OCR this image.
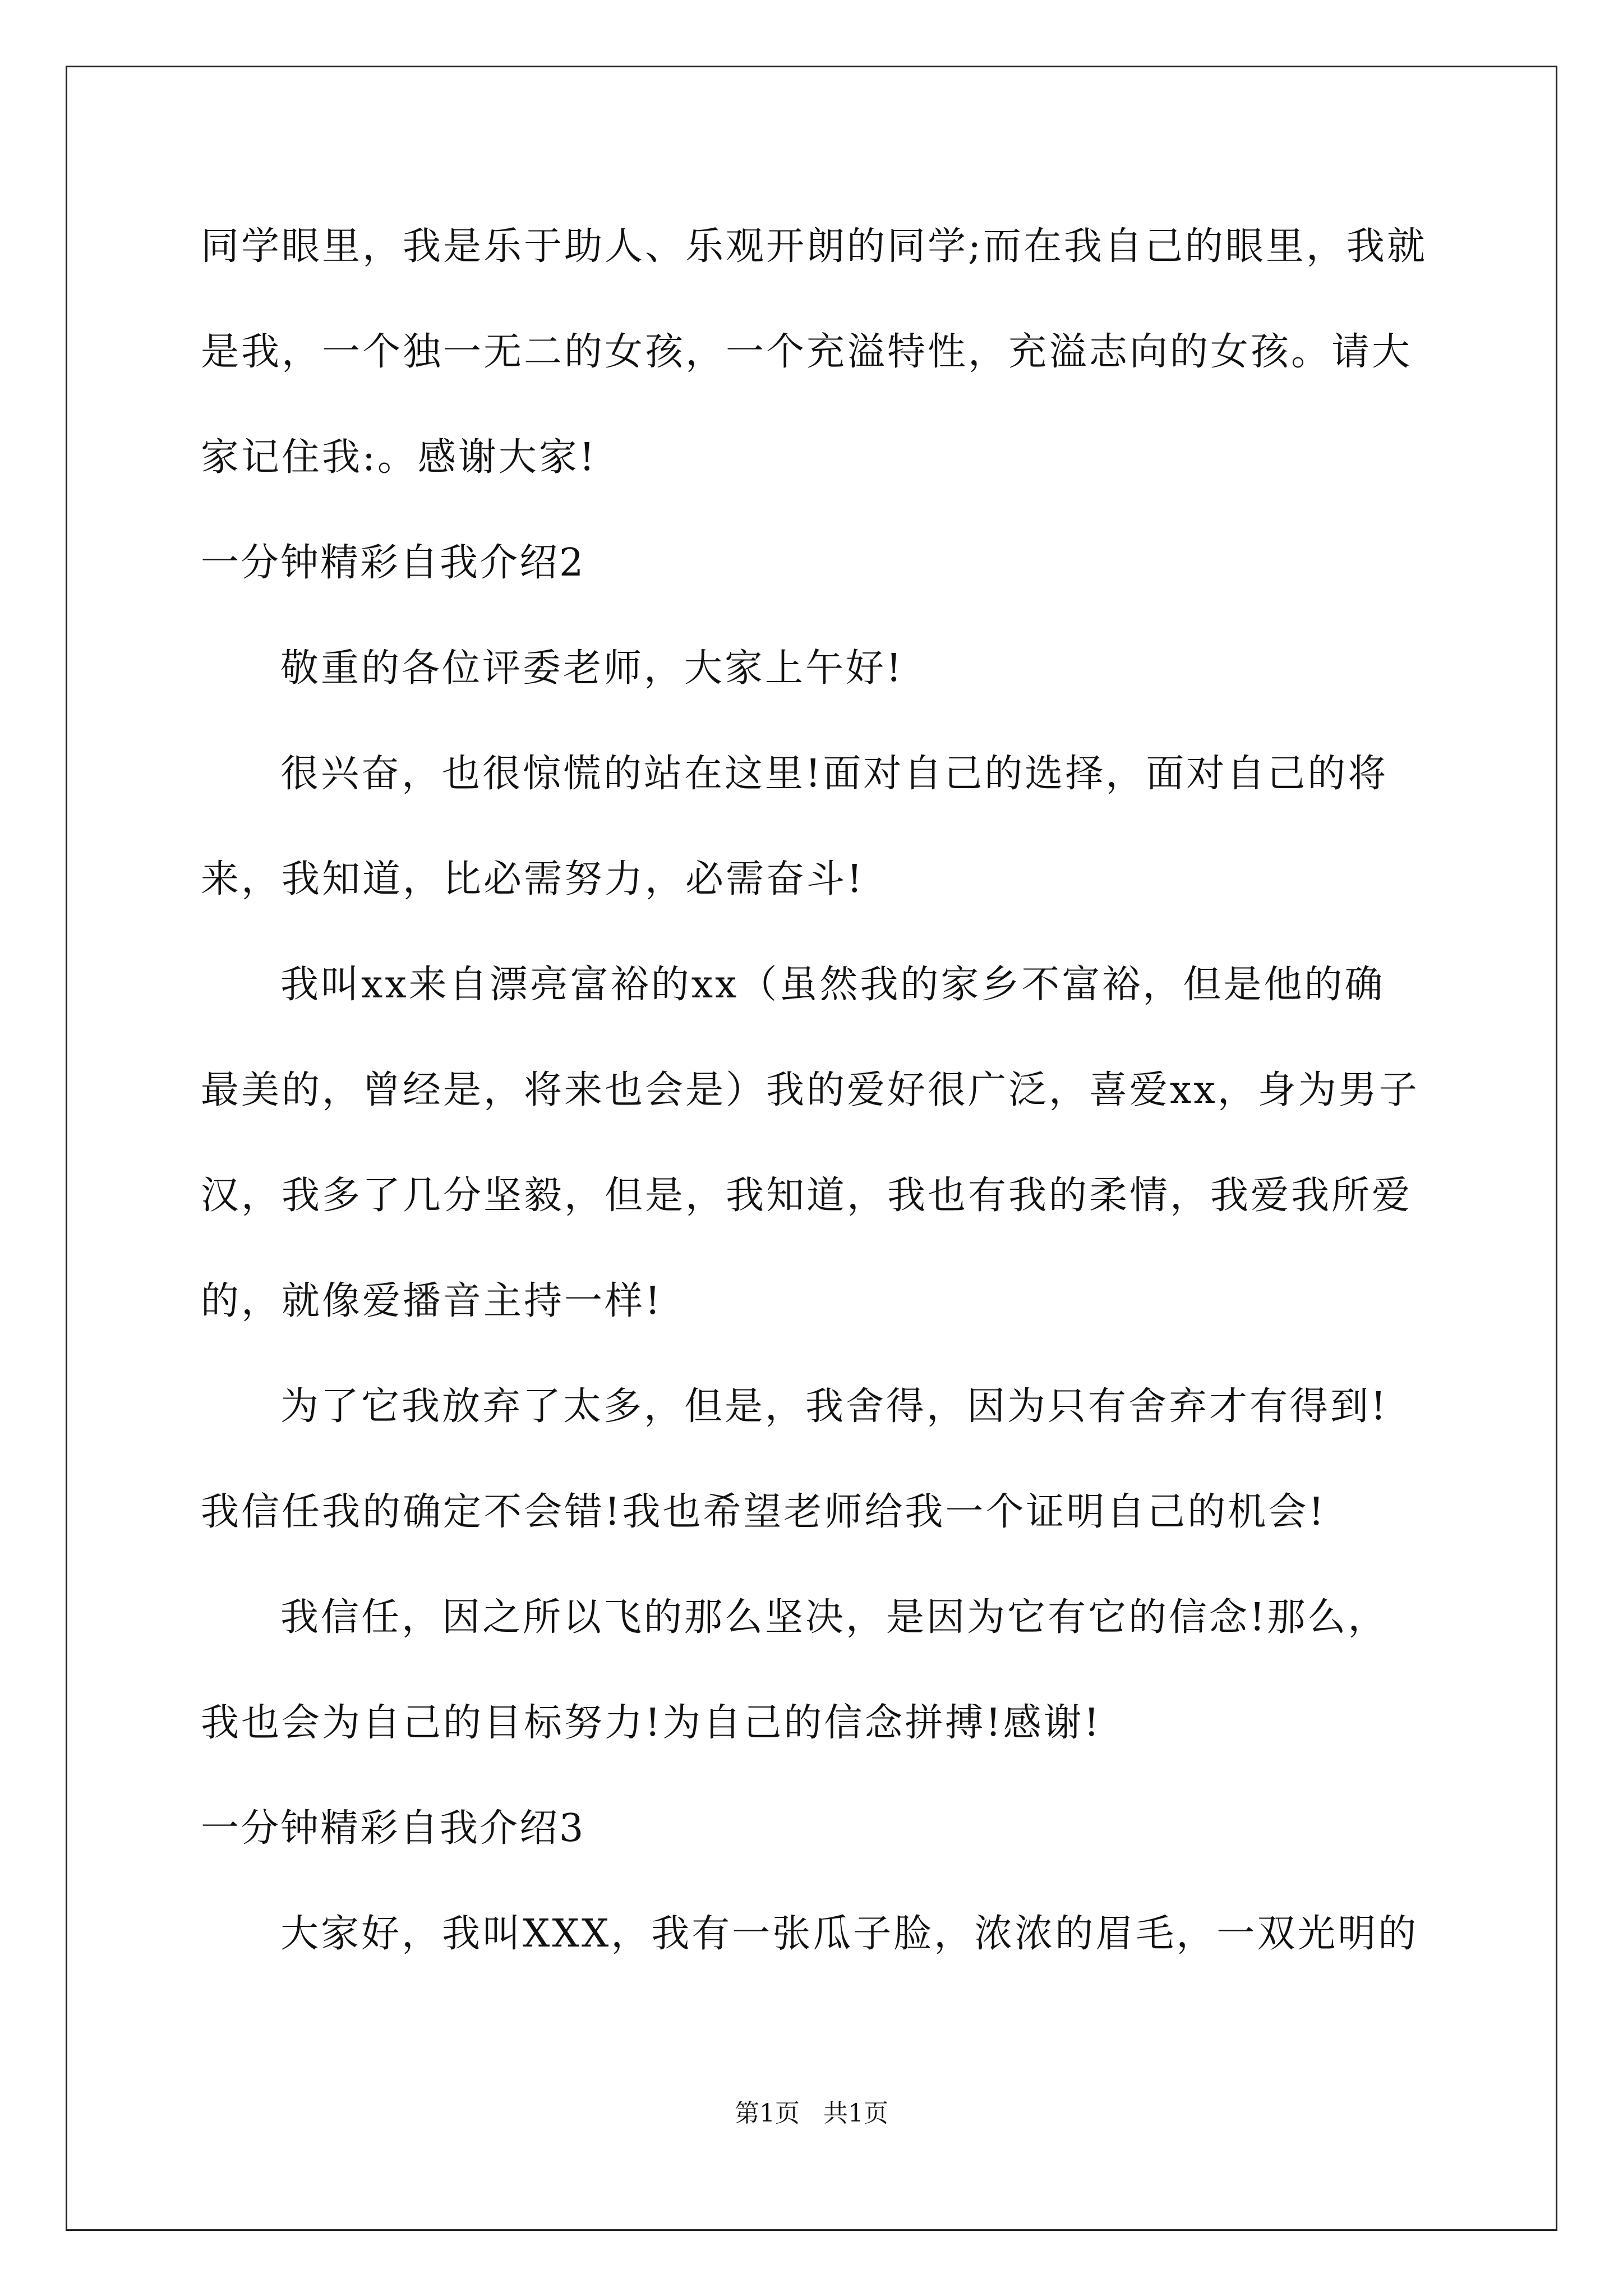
同学眼里，我是乐于助人、乐观开朗的同学;而在我自己的眼里，我就
是我，一个独一无二的女孩，一个充溢特性，充溢志向的女孩。请大
家记住我:。感谢大家!
一分钟精彩自我介绍2
敬重的各位评委老师，大家上午好!
很兴奋，也很惊慌的站在这里!面对自己的选择，面对自己的将
来，我知道，比必需努力，必需奋斗!
我叫xx来自漂亮富裕的xx（虽然我的家乡不富裕，但是他的确
最美的，曾经是，将来也会是）我的爱好很广泛，喜爱xx，身为男子
汉，我多了几分坚毅，但是，我知道，我也有我的柔情，我爱我所爱
的，就像爱播音主持一样!
为了它我放弃了太多，但是，我舍得，因为只有舍弃才有得到!
我信任我的确定不会错!我也希望老师给我一个证明自己的机会!
我信任，因之所以飞的那么坚决，是因为它有它的信念!那么，
我也会为自己的目标努力!为自己的信念拼搏!感谢!
一分钟精彩自我介绍3
大家好，我叫XXX，我有一张瓜子脸，浓浓的眉毛，一双光明的
第1页   共1页
